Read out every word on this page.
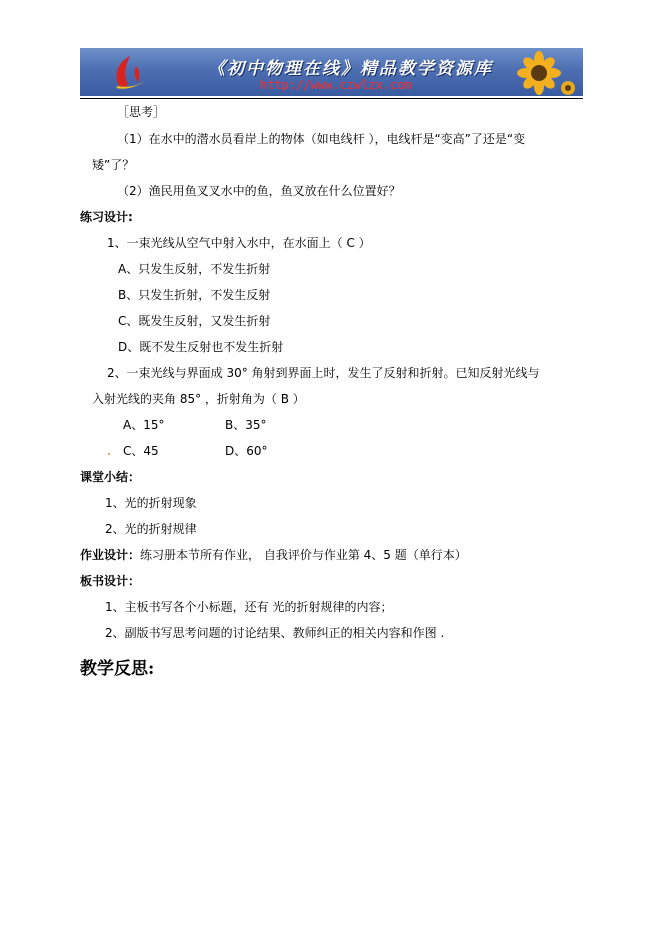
《初中物理在线》精品教学资源库
http://www.czwlzx.com
［思考］
（1）在水中的潜水员看岸上的物体（如电线杆 ），电线杆是“变高”了还是“变
矮”了？
（2）渔民用鱼叉叉水中的鱼，鱼叉放在什么位置好？
练习设计:
1、一束光线从空气中射入水中，在水面上（ C ）
A、只发生反射，不发生折射
B、只发生折射，不发生反射
C、既发生反射，又发生折射
D、既不发生反射也不发生折射
2、一束光线与界面成 30° 角射到界面上时，发生了反射和折射。已知反射光线与
入射光线的夹角 85° ，折射角为（ B ）
A、15°	B、35°
C、45	D、60°
课堂小结：
1、光的折射现象
2、光的折射规律
作业设计：练习册本节所有作业， 自我评价与作业第 4、5 题（单行本）
板书设计：
1、主板书写各个小标题，还有 光的折射规律的内容；
2、副版书写思考问题的讨论结果、教师纠正的相关内容和作图 .
教学反思:
